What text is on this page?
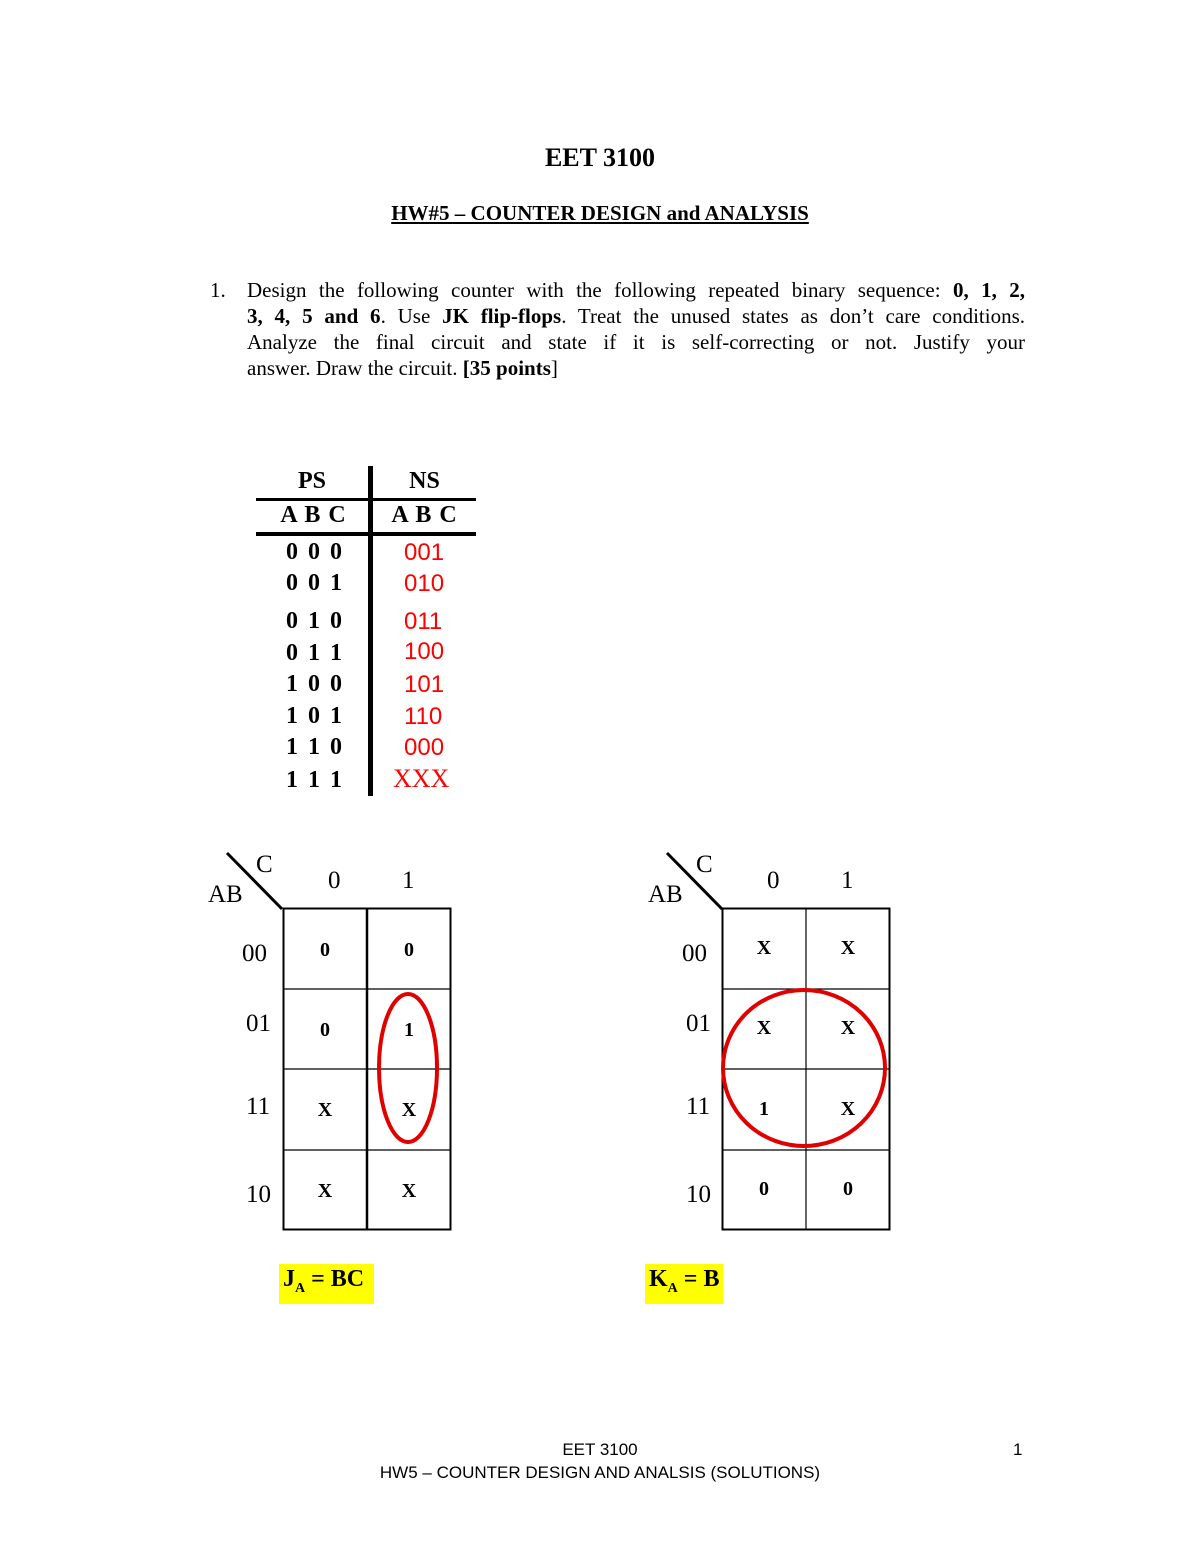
EET 3100
HW#5 – COUNTER DESIGN and ANALYSIS
1. Design the following counter with the following repeated binary sequence: 0, 1, 2,
3, 4, 5 and 6. Use JK flip-flops. Treat the unused states as don’t care conditions.
Analyze the final circuit and state if it is self-correcting or not. Justify your
answer. Draw the circuit. [35 points]
PS	NS
A B C	A B C
0 0 0	001
0 0 1	010
0 1 0	011
0 1 1	100
1 0 0	101
1 0 1	110
1 1 0	000
1 1 1 XXX
C
AB
0 1
00
01
11
10
0	0
0	1
X	X
X	X
C
AB
0 1
00
01
11
10
X	X
X	X
1	X
0	0
$J_A$ = BC	$K_A = B$
EET 3100
HW5 – COUNTER DESIGN AND ANALSIS (SOLUTIONS)
1
